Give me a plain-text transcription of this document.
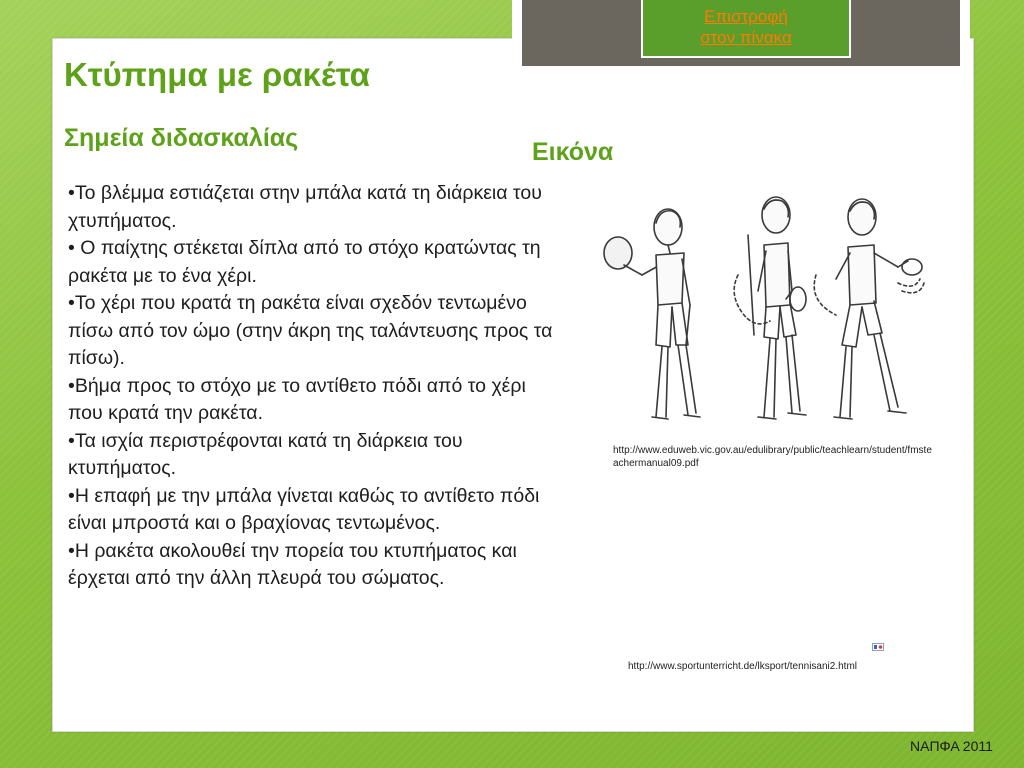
Επιστροφή
στον πίνακα
Κτύπημα με ρακέτα
Σημεία διδασκαλίας	Εικόνα
•Το βλέμμα εστιάζεται στην μπάλα κατά τη διάρκεια του χτυπήματος.
• Ο παίχτης στέκεται δίπλα από το στόχο κρατώντας τη ρακέτα με το ένα χέρι.
•Το χέρι που κρατά τη ρακέτα είναι σχεδόν τεντωμένο πίσω από τον ώμο (στην άκρη της ταλάντευσης προς τα πίσω).
•Βήμα προς το στόχο με το αντίθετο πόδι από το χέρι που κρατά την ρακέτα.
•Τα ισχία περιστρέφονται κατά τη διάρκεια του κτυπήματος.
•Η επαφή με την μπάλα γίνεται καθώς το αντίθετο πόδι είναι μπροστά και ο βραχίονας τεντωμένος.
•Η ρακέτα ακολουθεί την πορεία του κτυπήματος και έρχεται από την άλλη πλευρά του σώματος.
http://www.eduweb.vic.gov.au/edulibrary/public/teachlearn/student/fmsteachermanual09.pdf
http://www.sportunterricht.de/lksport/tennisani2.html
ΝΑΠΦΑ 2011
